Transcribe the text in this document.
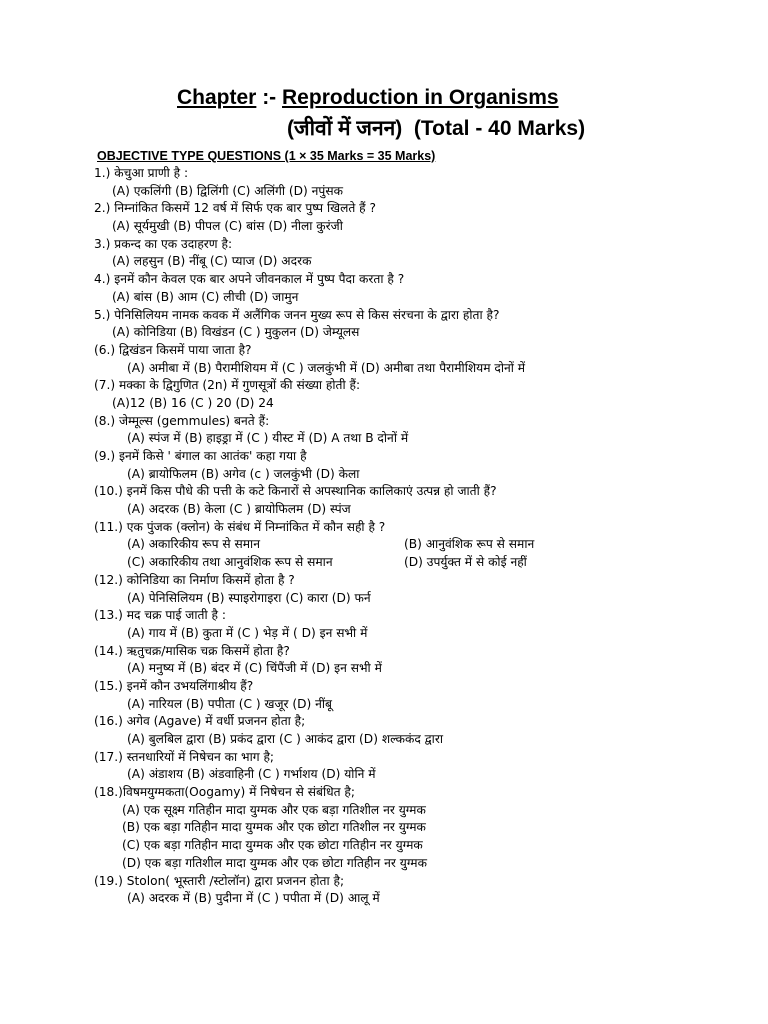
Chapter :- Reproduction in Organisms
(जीवों में जनन) (Total - 40 Marks)
OBJECTIVE TYPE QUESTIONS (1 × 35 Marks = 35 Marks)
1.) केचुआ प्राणी है :
(A) एकलिंगी (B) द्विलिंगी (C) अलिंगी (D) नपुंसक
2.) निम्नांकित किसमें 12 वर्ष में सिर्फ एक बार पुष्प खिलते हैं ?
(A) सूर्यमुखी (B) पीपल (C) बांस (D) नीला कुरंजी
3.) प्रकन्द का एक उदाहरण है:
(A) लहसुन (B) नींबू (C) प्याज (D) अदरक
4.) इनमें कौन केवल एक बार अपने जीवनकाल में पुष्प पैदा करता है ?
(A) बांस (B) आम (C) लीची (D) जामुन
5.) पेनिसिलियम नामक कवक में अलैंगिक जनन मुख्य रूप से किस संरचना के द्वारा होता है?
(A) कोनिडिया (B) विखंडन (C ) मुकुलन (D) जेम्यूलस
(6.) द्विखंडन किसमें पाया जाता है?
(A) अमीबा में (B) पैरामीशियम में (C ) जलकुंभी में (D) अमीबा तथा पैरामीशियम दोनों में
(7.) मक्का के द्विगुणित (2n) में गुणसूत्रों की संख्या होती हैं:
(A)12 (B) 16 (C ) 20 (D) 24
(8.) जेम्मूल्स (gemmules) बनते हैं:
(A) स्पंज में (B) हाइड्रा में (C ) यीस्ट में (D) A तथा B दोनों में
(9.) इनमें किसे ' बंगाल का आतंक' कहा गया है
(A) ब्रायोफिलम (B) अगेव (c ) जलकुंभी (D) केला
(10.) इनमें किस पौधे की पत्ती के कटे किनारों से अपस्थानिक कालिकाएं उत्पन्न हो जाती हैं?
(A) अदरक (B) केला (C ) ब्रायोफिलम (D) स्पंज
(11.) एक पुंजक (क्लोन) के संबंध में निम्नांकित में कौन सही है ?
(A) अकारिकीय रूप से समान	(B) आनुवंशिक रूप से समान
(C) अकारिकीय तथा आनुवंशिक रूप से समान	(D) उपर्युक्त में से कोई नहीं
(12.) कोनिडिया का निर्माण किसमें होता है ?
(A) पेनिसिलियम (B) स्पाइरोगाइरा (C) कारा (D) फर्न
(13.) मद चक्र पाई जाती है :
(A) गाय में (B) कुता में (C ) भेड़ में ( D) इन सभी में
(14.) ऋतुचक्र/मासिक चक्र किसमें होता है?
(A) मनुष्य में (B) बंदर में (C) चिंपैंजी में (D) इन सभी में
(15.) इनमें कौन उभयलिंगाश्रीय हैं?
(A) नारियल (B) पपीता (C ) खजूर (D) नींबू
(16.) अगेव (Agave) में वर्धी प्रजनन होता है;
(A) बुलबिल द्वारा (B) प्रकंद द्वारा (C ) आकंद द्वारा (D) शल्ककंद द्वारा
(17.) स्तनधारियों में निषेचन का भाग है;
(A) अंडाशय (B) अंडवाहिनी (C ) गर्भाशय (D) योनि में
(18.)विषमयुग्मकता(Oogamy) में निषेचन से संबंधित है;
(A) एक सूक्ष्म गतिहीन मादा युग्मक और एक बड़ा गतिशील नर युग्मक
(B) एक बड़ा गतिहीन मादा युग्मक और एक छोटा गतिशील नर युग्मक
(C) एक बड़ा गतिहीन मादा युग्मक और एक छोटा गतिहीन नर युग्मक
(D) एक बड़ा गतिशील मादा युग्मक और एक छोटा गतिहीन नर युग्मक
(19.) Stolon( भूस्तारी /स्टोलॉन) द्वारा प्रजनन होता है;
(A) अदरक में (B) पुदीना में (C ) पपीता में (D) आलू में
